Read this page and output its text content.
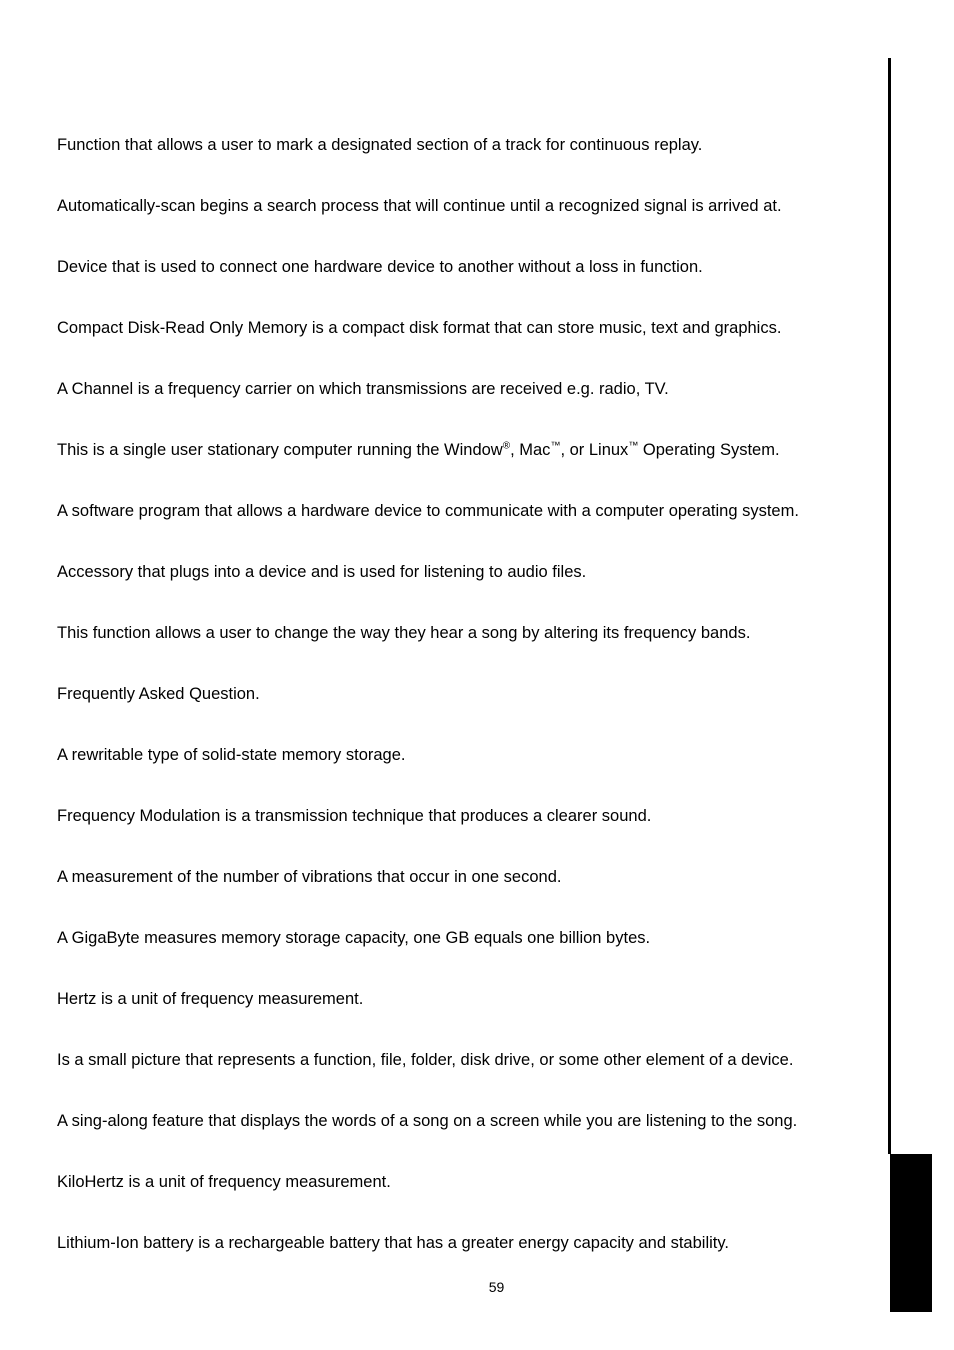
Function that allows a user to mark a designated section of a track for continuous replay.
Automatically-scan begins a search process that will continue until a recognized signal is arrived at.
Device that is used to connect one hardware device to another without a loss in function.
Compact Disk-Read Only Memory is a compact disk format that can store music, text and graphics.
A Channel is a frequency carrier on which transmissions are received e.g. radio, TV.
This is a single user stationary computer running the Window®, Mac™, or Linux™ Operating System.
A software program that allows a hardware device to communicate with a computer operating system.
Accessory that plugs into a device and is used for listening to audio files.
This function allows a user to change the way they hear a song by altering its frequency bands.
Frequently Asked Question.
A rewritable type of solid-state memory storage.
Frequency Modulation is a transmission technique that produces a clearer sound.
A measurement of the number of vibrations that occur in one second.
A GigaByte measures memory storage capacity, one GB equals one billion bytes.
Hertz is a unit of frequency measurement.
Is a small picture that represents a function, file, folder, disk drive, or some other element of a device.
A sing-along feature that displays the words of a song on a screen while you are listening to the song.
KiloHertz is a unit of frequency measurement.
Lithium-Ion battery is a rechargeable battery that has a greater energy capacity and stability.
59
